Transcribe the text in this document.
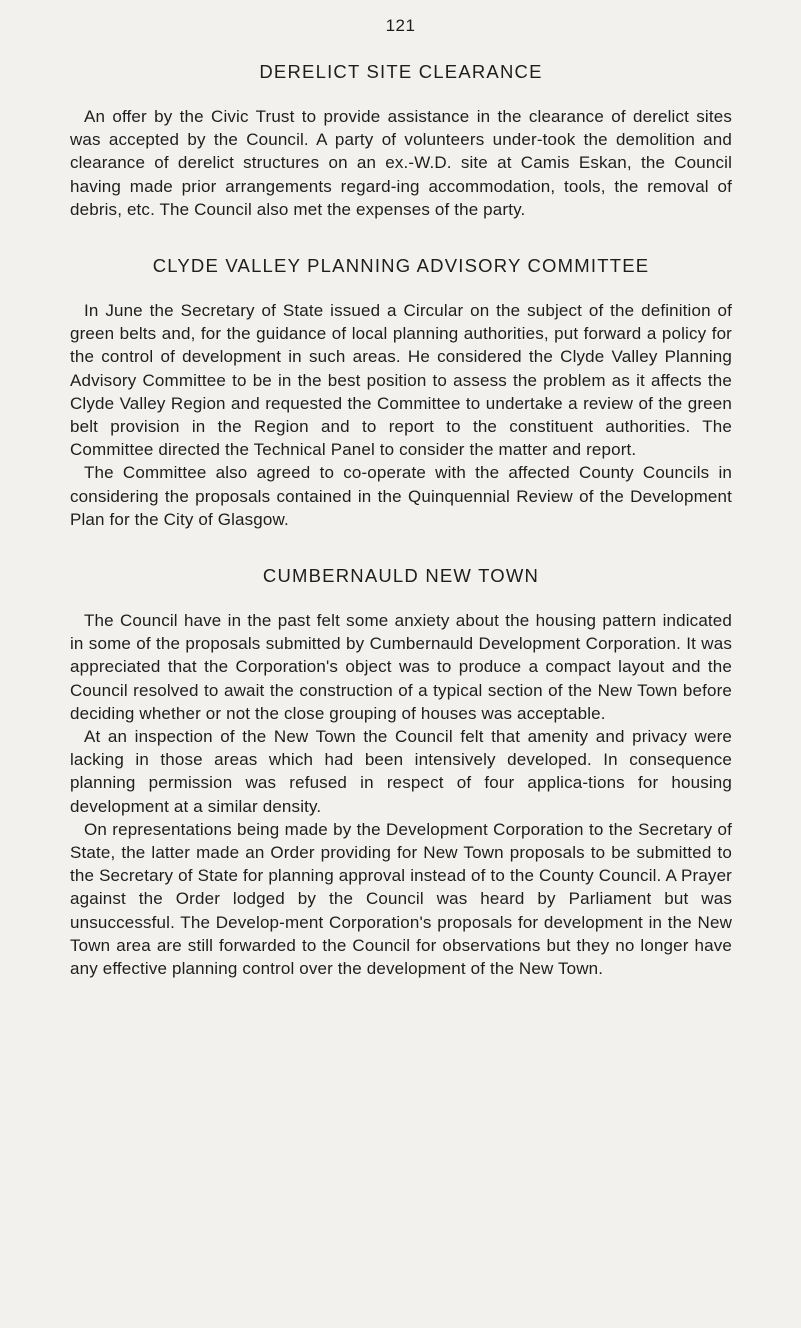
121
DERELICT SITE CLEARANCE

An offer by the Civic Trust to provide assistance in the clearance of derelict sites was accepted by the Council. A party of volunteers under-took the demolition and clearance of derelict structures on an ex.-W.D. site at Camis Eskan, the Council having made prior arrangements regard-ing accommodation, tools, the removal of debris, etc. The Council also met the expenses of the party.

CLYDE VALLEY PLANNING ADVISORY COMMITTEE

In June the Secretary of State issued a Circular on the subject of the definition of green belts and, for the guidance of local planning authorities, put forward a policy for the control of development in such areas. He considered the Clyde Valley Planning Advisory Committee to be in the best position to assess the problem as it affects the Clyde Valley Region and requested the Committee to undertake a review of the green belt provision in the Region and to report to the constituent authorities. The Committee directed the Technical Panel to consider the matter and report.

The Committee also agreed to co-operate with the affected County Councils in considering the proposals contained in the Quinquennial Review of the Development Plan for the City of Glasgow.

CUMBERNAULD NEW TOWN

The Council have in the past felt some anxiety about the housing pattern indicated in some of the proposals submitted by Cumbernauld Development Corporation. It was appreciated that the Corporation's object was to produce a compact layout and the Council resolved to await the construction of a typical section of the New Town before deciding whether or not the close grouping of houses was acceptable.

At an inspection of the New Town the Council felt that amenity and privacy were lacking in those areas which had been intensively developed. In consequence planning permission was refused in respect of four applica-tions for housing development at a similar density.

On representations being made by the Development Corporation to the Secretary of State, the latter made an Order providing for New Town proposals to be submitted to the Secretary of State for planning approval instead of to the County Council. A Prayer against the Order lodged by the Council was heard by Parliament but was unsuccessful. The Develop-ment Corporation's proposals for development in the New Town area are still forwarded to the Council for observations but they no longer have any effective planning control over the development of the New Town.
